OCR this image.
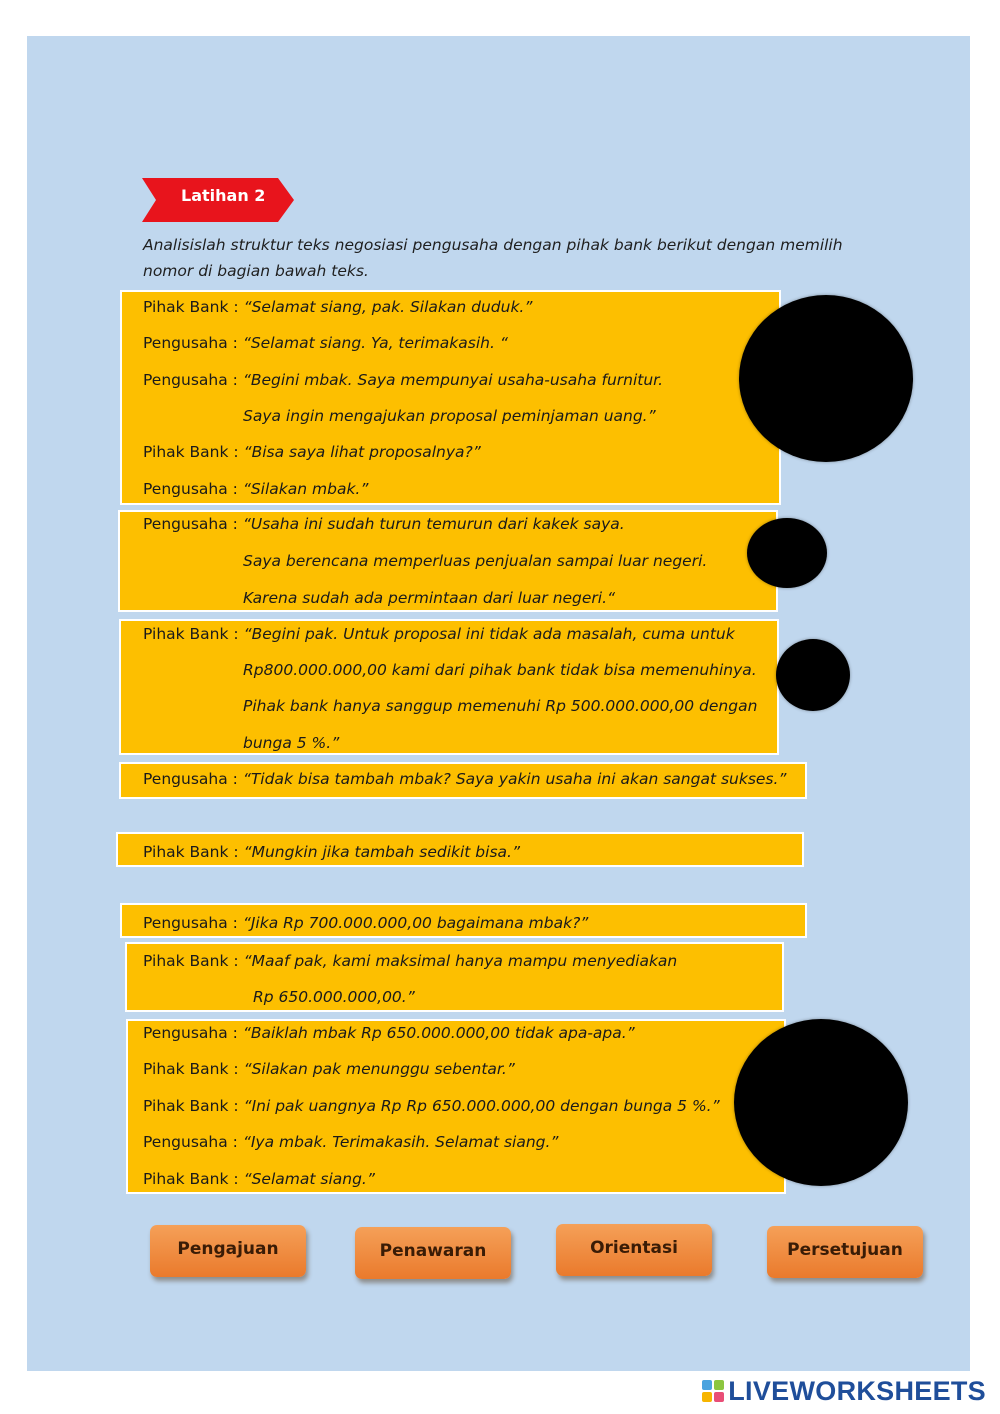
Latihan 2
Analisislah struktur teks negosiasi pengusaha dengan pihak bank berikut dengan memilih nomor di bagian bawah teks.
Pihak Bank : “Selamat siang, pak. Silakan duduk.”
Pengusaha : “Selamat siang. Ya, terimakasih. “
Pengusaha : “Begini mbak. Saya mempunyai usaha-usaha furnitur.
Saya ingin mengajukan proposal peminjaman uang.”
Pihak Bank : “Bisa saya lihat proposalnya?”
Pengusaha : “Silakan mbak.”
Pengusaha : “Usaha ini sudah turun temurun dari kakek saya.
Saya berencana memperluas penjualan sampai luar negeri.
Karena sudah ada permintaan dari luar negeri.“
Pihak Bank : “Begini pak. Untuk proposal ini tidak ada masalah, cuma untuk
Rp800.000.000,00 kami dari pihak bank tidak bisa memenuhinya.
Pihak bank hanya sanggup memenuhi Rp 500.000.000,00 dengan
bunga 5 %.”
Pengusaha : “Tidak bisa tambah mbak? Saya yakin usaha ini akan sangat sukses.”
Pihak Bank : “Mungkin jika tambah sedikit bisa.”
Pengusaha : “Jika Rp 700.000.000,00 bagaimana mbak?”
Pihak Bank : “Maaf pak, kami maksimal hanya mampu menyediakan
Rp 650.000.000,00.”
Pengusaha : “Baiklah mbak Rp 650.000.000,00 tidak apa-apa.”
Pihak Bank : “Silakan pak menunggu sebentar.”
Pihak Bank : “Ini pak uangnya Rp Rp 650.000.000,00 dengan bunga 5 %.”
Pengusaha : “Iya mbak. Terimakasih. Selamat siang.”
Pihak Bank : “Selamat siang.”
Pengajuan	Penawaran	Orientasi	Persetujuan
LIVEWORKSHEETS
